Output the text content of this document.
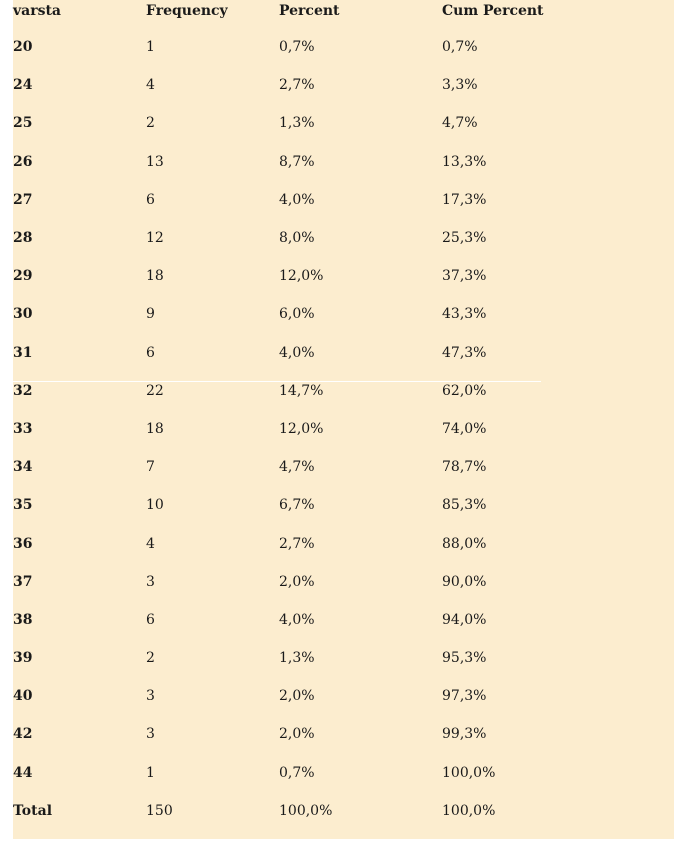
varsta	Frequency	Percent	Cum Percent
20	1	0,7%	0,7%
24	4	2,7%	3,3%
25	2	1,3%	4,7%
26	13	8,7%	13,3%
27	6	4,0%	17,3%
28	12	8,0%	25,3%
29	18	12,0%	37,3%
30	9	6,0%	43,3%
31	6	4,0%	47,3%
32	22	14,7%	62,0%
33	18	12,0%	74,0%
34	7	4,7%	78,7%
35	10	6,7%	85,3%
36	4	2,7%	88,0%
37	3	2,0%	90,0%
38	6	4,0%	94,0%
39	2	1,3%	95,3%
40	3	2,0%	97,3%
42	3	2,0%	99,3%
44	1	0,7%	100,0%
Total	150	100,0%	100,0%
